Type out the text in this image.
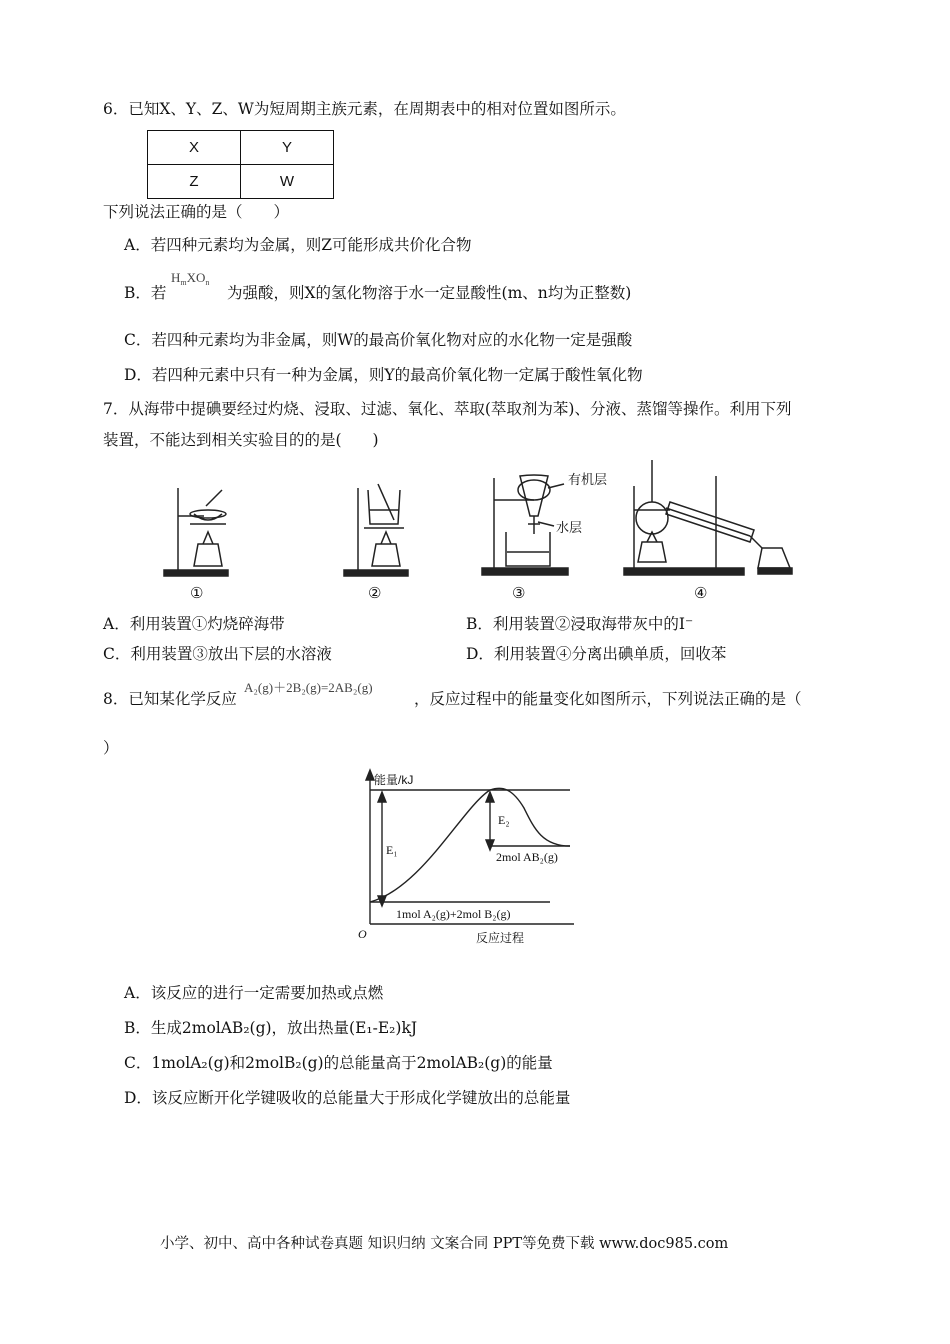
6．已知X、Y、Z、W为短周期主族元素，在周期表中的相对位置如图所示。
X	Y
Z	W
下列说法正确的是（　　）
A．若四种元素均为金属，则Z可能形成共价化合物
B．若
$H_mXO_n$
为强酸，则X的氢化物溶于水一定显酸性(m、n均为正整数)
C．若四种元素均为非金属，则W的最高价氧化物对应的水化物一定是强酸
D．若四种元素中只有一种为金属，则Y的最高价氧化物一定属于酸性氧化物
7．从海带中提碘要经过灼烧、浸取、过滤、氧化、萃取(萃取剂为苯)、分液、蒸馏等操作。利用下列
装置，不能达到相关实验目的的是(　　)
有机层
水层
①	②	③	④
A．利用装置①灼烧碎海带	B．利用装置②浸取海带灰中的I⁻
C．利用装置③放出下层的水溶液	D．利用装置④分离出碘单质，回收苯
8．已知某化学反应
A₂(g)＋2B₂(g)=2AB₂(g)
，反应过程中的能量变化如图所示，下列说法正确的是（
）
能量/kJ
E₁
E₂
2mol AB₂(g)
1mol A₂(g)+2mol B₂(g)
O	反应过程
A．该反应的进行一定需要加热或点燃
B．生成2molAB₂(g)，放出热量(E₁-E₂)kJ
C．1molA₂(g)和2molB₂(g)的总能量高于2molAB₂(g)的能量
D．该反应断开化学键吸收的总能量大于形成化学键放出的总能量
小学、初中、高中各种试卷真题 知识归纳 文案合同 PPT等免费下载 www.doc985.com
